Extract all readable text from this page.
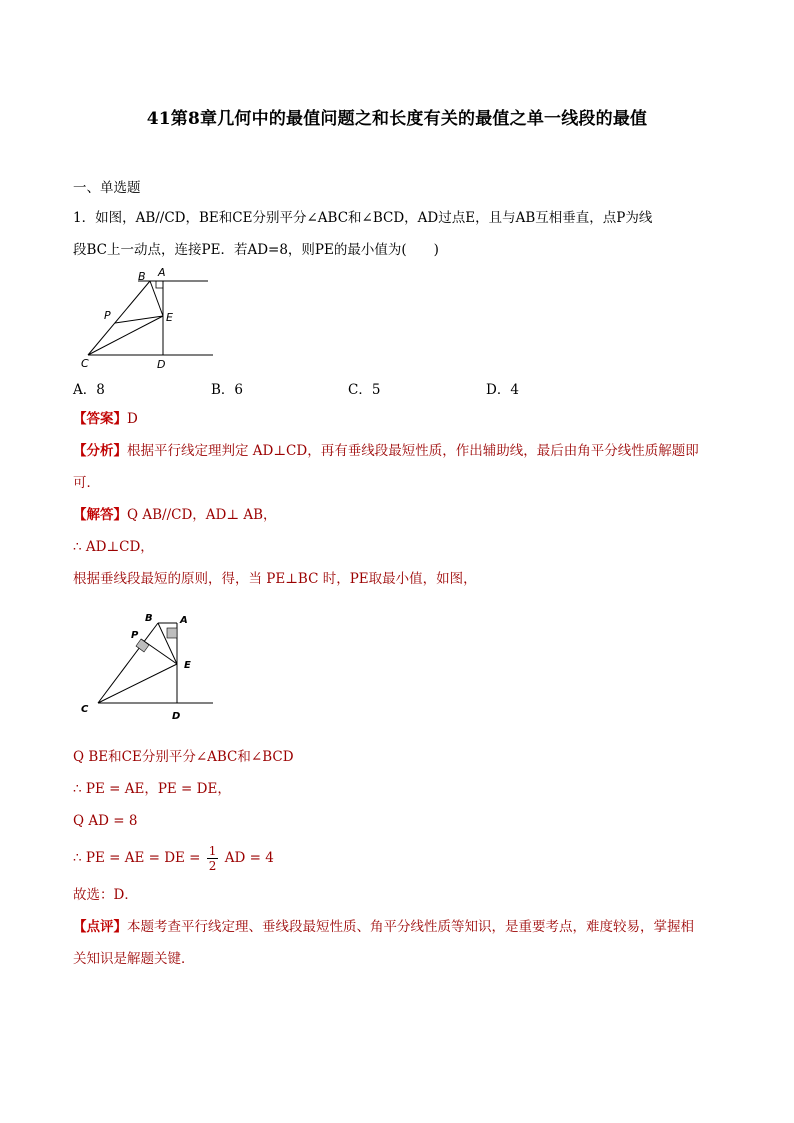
41第8章几何中的最值问题之和长度有关的最值之单一线段的最值
一、单选题
1．如图，AB//CD，BE和CE分别平分∠ABC和∠BCD，AD过点E，且与AB互相垂直，点P为线
段BC上一动点，连接PE．若AD=8，则PE的最小值为(　　)
B A
P	E
C	D
A．8	B．6	C．5	D．4
【答案】D
【分析】根据平行线定理判定 AD⊥CD，再有垂线段最短性质，作出辅助线，最后由角平分线性质解题即
可．
【解答】Q AB//CD，AD⊥ AB，
∴ AD⊥CD，
根据垂线段最短的原则，得，当 PE⊥BC 时，PE取最小值，如图，
B	A
P
E
C
D
Q BE和CE分别平分∠ABC和∠BCD
∴ PE = AE，PE = DE，
Q AD = 8
∴ PE = AE = DE = $\frac{1}{2}$ AD = 4
故选：D．
【点评】本题考查平行线定理、垂线段最短性质、角平分线性质等知识，是重要考点，难度较易，掌握相
关知识是解题关键．
